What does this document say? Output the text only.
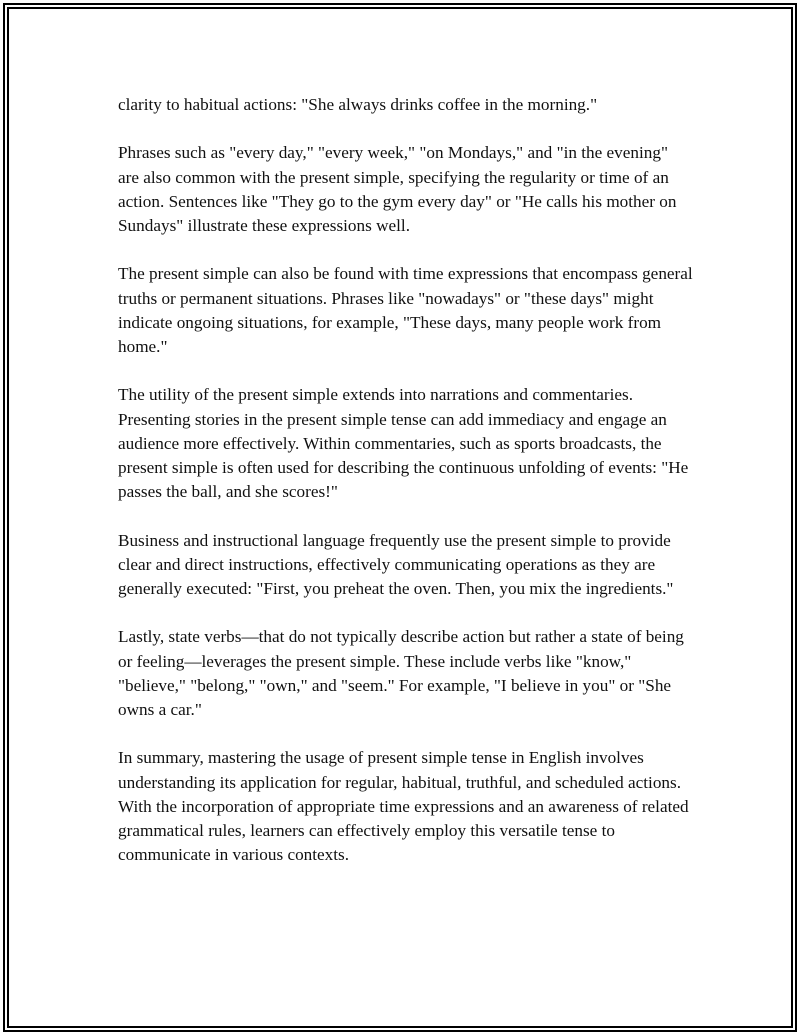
clarity to habitual actions: "She always drinks coffee in the morning."

Phrases such as "every day," "every week," "on Mondays," and "in the evening" are also common with the present simple, specifying the regularity or time of an action. Sentences like "They go to the gym every day" or "He calls his mother on Sundays" illustrate these expressions well.

The present simple can also be found with time expressions that encompass general truths or permanent situations. Phrases like "nowadays" or "these days" might indicate ongoing situations, for example, "These days, many people work from home."

The utility of the present simple extends into narrations and commentaries. Presenting stories in the present simple tense can add immediacy and engage an audience more effectively. Within commentaries, such as sports broadcasts, the present simple is often used for describing the continuous unfolding of events: "He passes the ball, and she scores!"

Business and instructional language frequently use the present simple to provide clear and direct instructions, effectively communicating operations as they are generally executed: "First, you preheat the oven. Then, you mix the ingredients."

Lastly, state verbs—that do not typically describe action but rather a state of being or feeling—leverages the present simple. These include verbs like "know," "believe," "belong," "own," and "seem." For example, "I believe in you" or "She owns a car."

In summary, mastering the usage of present simple tense in English involves understanding its application for regular, habitual, truthful, and scheduled actions. With the incorporation of appropriate time expressions and an awareness of related grammatical rules, learners can effectively employ this versatile tense to communicate in various contexts.
